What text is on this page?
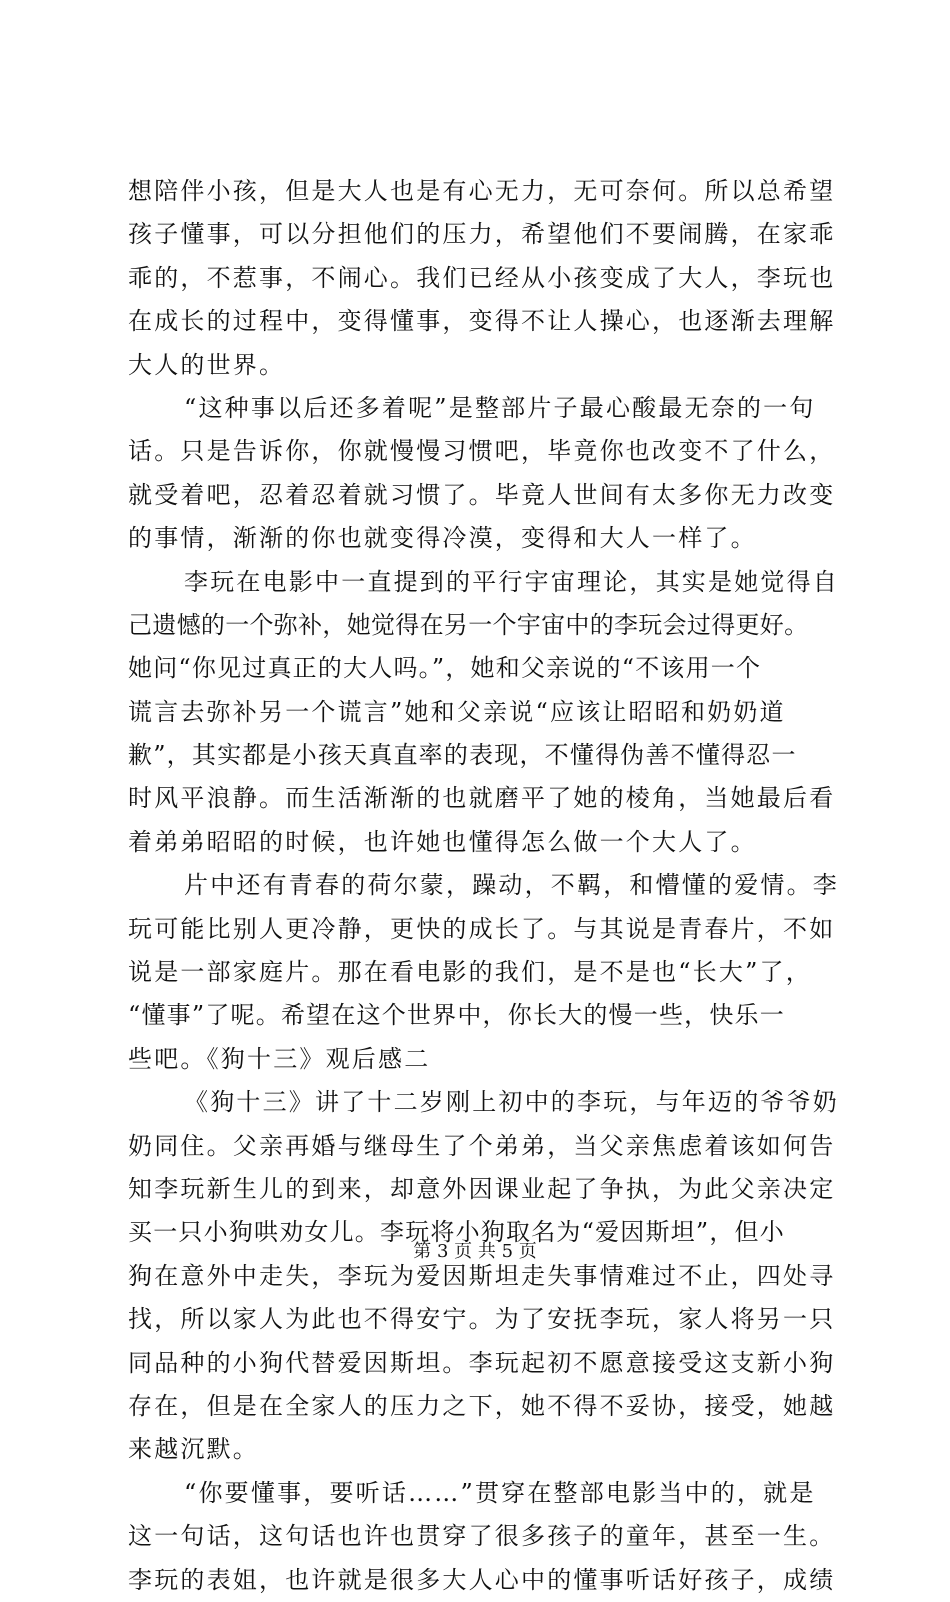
想陪伴小孩，但是大人也是有心无力，无可奈何。所以总希望
孩子懂事，可以分担他们的压力，希望他们不要闹腾，在家乖
乖的，不惹事，不闹心。我们已经从小孩变成了大人，李玩也
在成长的过程中，变得懂事，变得不让人操心，也逐渐去理解
大人的世界。
“这种事以后还多着呢”是整部片子最心酸最无奈的一句
话。只是告诉你，你就慢慢习惯吧，毕竟你也改变不了什么，
就受着吧，忍着忍着就习惯了。毕竟人世间有太多你无力改变
的事情，渐渐的你也就变得冷漠，变得和大人一样了。
李玩在电影中一直提到的平行宇宙理论，其实是她觉得自
己遗憾的一个弥补，她觉得在另一个宇宙中的李玩会过得更好。
她问“你见过真正的大人吗。”，她和父亲说的“不该用一个
谎言去弥补另一个谎言”她和父亲说“应该让昭昭和奶奶道
歉”，其实都是小孩天真直率的表现，不懂得伪善不懂得忍一
时风平浪静。而生活渐渐的也就磨平了她的棱角，当她最后看
着弟弟昭昭的时候，也许她也懂得怎么做一个大人了。
片中还有青春的荷尔蒙，躁动，不羁，和懵懂的爱情。李
玩可能比别人更冷静，更快的成长了。与其说是青春片，不如
说是一部家庭片。那在看电影的我们，是不是也“长大”了，
“懂事”了呢。希望在这个世界中，你长大的慢一些，快乐一
些吧。《狗十三》观后感二
《狗十三》讲了十二岁刚上初中的李玩，与年迈的爷爷奶
奶同住。父亲再婚与继母生了个弟弟，当父亲焦虑着该如何告
知李玩新生儿的到来，却意外因课业起了争执，为此父亲决定
买一只小狗哄劝女儿。李玩将小狗取名为“爱因斯坦”，但小
狗在意外中走失，李玩为爱因斯坦走失事情难过不止，四处寻
找，所以家人为此也不得安宁。为了安抚李玩，家人将另一只
同品种的小狗代替爱因斯坦。李玩起初不愿意接受这支新小狗
存在，但是在全家人的压力之下，她不得不妥协，接受，她越
来越沉默。
“你要懂事，要听话……”贯穿在整部电影当中的，就是
这一句话，这句话也许也贯穿了很多孩子的童年，甚至一生。
李玩的表姐，也许就是很多大人心中的懂事听话好孩子，成绩
第 3 页 共 5 页
